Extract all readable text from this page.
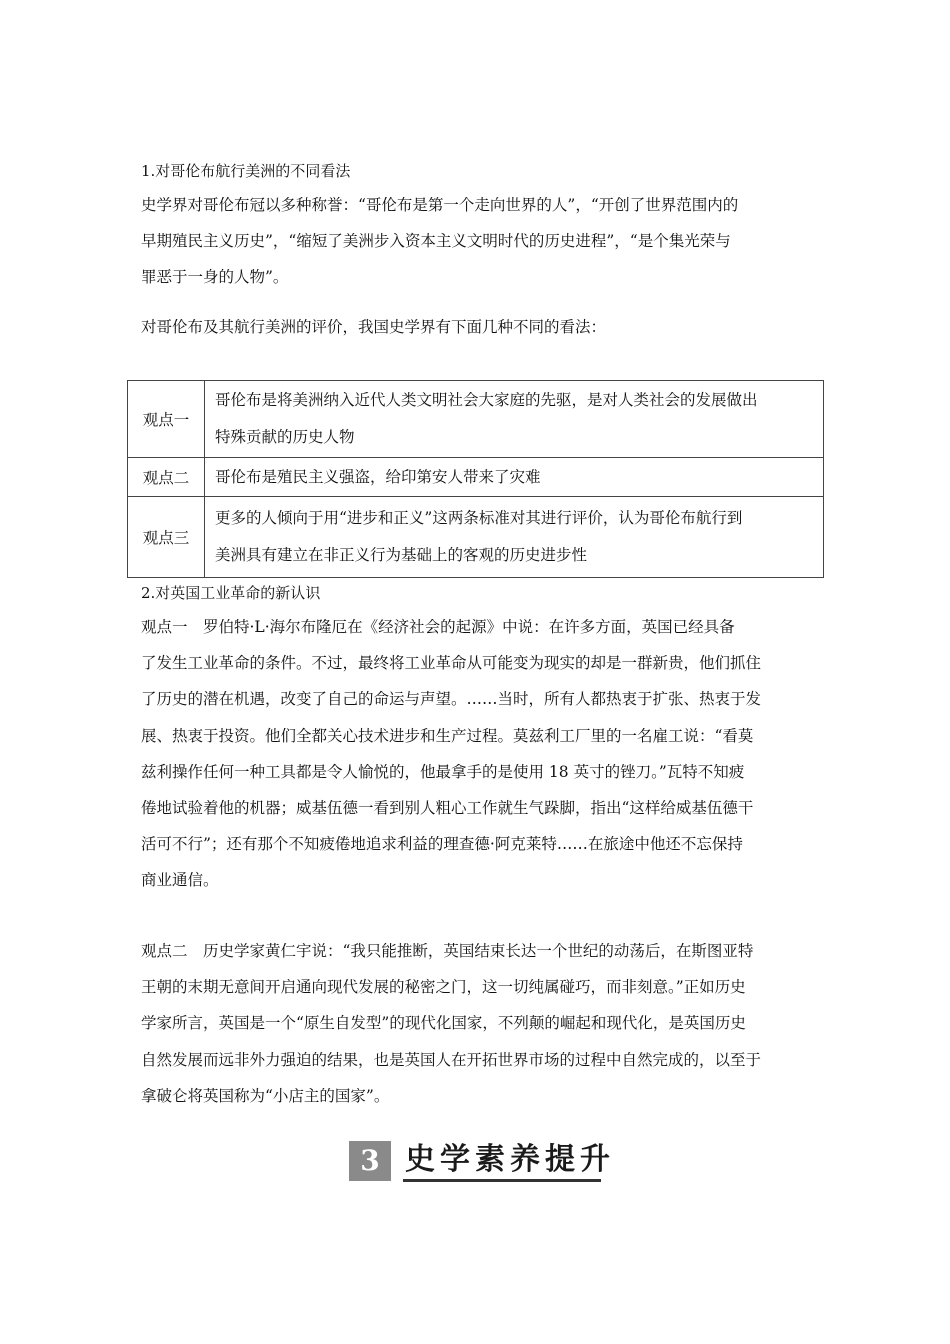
1.对哥伦布航行美洲的不同看法
史学界对哥伦布冠以多种称誉：“哥伦布是第一个走向世界的人”，“开创了世界范围内的
早期殖民主义历史”，“缩短了美洲步入资本主义文明时代的历史进程”，“是个集光荣与
罪恶于一身的人物”。
对哥伦布及其航行美洲的评价，我国史学界有下面几种不同的看法：
观点一	哥伦布是将美洲纳入近代人类文明社会大家庭的先驱，是对人类社会的发展做出
特殊贡献的历史人物

观点二	哥伦布是殖民主义强盗，给印第安人带来了灾难

观点三	更多的人倾向于用“进步和正义”这两条标准对其进行评价，认为哥伦布航行到
美洲具有建立在非正义行为基础上的客观的历史进步性
2.对英国工业革命的新认识
观点一　罗伯特·L·海尔布隆厄在《经济社会的起源》中说：在许多方面，英国已经具备
了发生工业革命的条件。不过，最终将工业革命从可能变为现实的却是一群新贵，他们抓住
了历史的潜在机遇，改变了自己的命运与声望。……当时，所有人都热衷于扩张、热衷于发
展、热衷于投资。他们全都关心技术进步和生产过程。莫兹利工厂里的一名雇工说：“看莫
兹利操作任何一种工具都是令人愉悦的，他最拿手的是使用 18 英寸的锉刀。”瓦特不知疲
倦地试验着他的机器；威基伍德一看到别人粗心工作就生气跺脚，指出“这样给威基伍德干
活可不行”；还有那个不知疲倦地追求利益的理查德·阿克莱特……在旅途中他还不忘保持
商业通信。
观点二　历史学家黄仁宇说：“我只能推断，英国结束长达一个世纪的动荡后，在斯图亚特
王朝的末期无意间开启通向现代发展的秘密之门，这一切纯属碰巧，而非刻意。”正如历史
学家所言，英国是一个“原生自发型”的现代化国家，不列颠的崛起和现代化，是英国历史
自然发展而远非外力强迫的结果，也是英国人在开拓世界市场的过程中自然完成的，以至于
拿破仑将英国称为“小店主的国家”。
3 史学素养提升
